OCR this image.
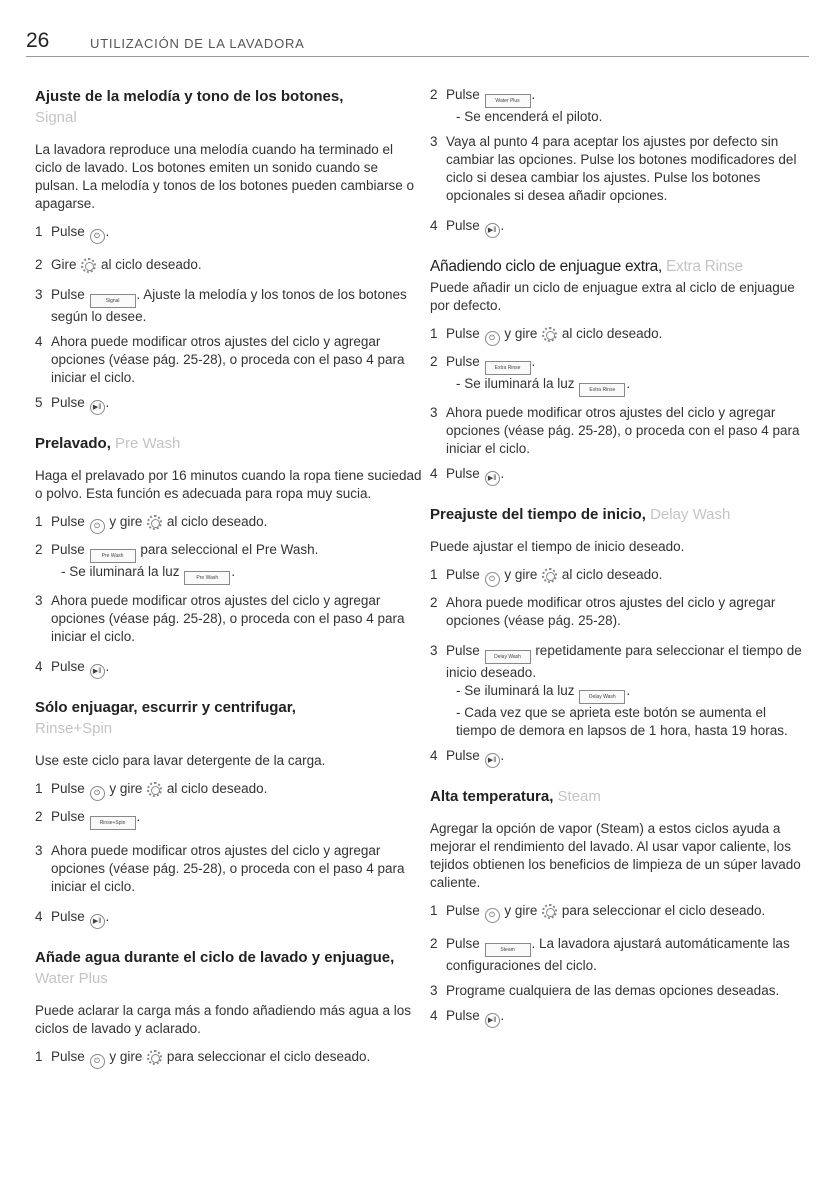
26	UTILIZACIÓN DE LA LAVADORA
Ajuste de la melodía y tono de los botones,
Signal

La lavadora reproduce una melodía cuando ha terminado el ciclo de lavado. Los botones emiten un sonido cuando se pulsan. La melodía y tonos de los botones pueden cambiarse o apagarse.

1 Pulse ⏻ .
2 Gire al ciclo deseado.
3 Pulse	Signal . Ajuste la melodía y los tonos de los botones según lo desee.
4 Ahora puede modificar otros ajustes del ciclo y agregar opciones (véase pág. 25-28), o proceda con el paso 4 para iniciar el ciclo.
5 Pulse ▶‖ .
Prelavado, Pre Wash

Haga el prelavado por 16 minutos cuando la ropa tiene suciedad o polvo. Esta función es adecuada para ropa muy sucia.

1 Pulse ⏻ y gire al ciclo deseado.
2 Pulse	Pre Wash para seleccional el Pre Wash.
- Se iluminará la luz	Pre Wash .
3 Ahora puede modificar otros ajustes del ciclo y agregar opciones (véase pág. 25-28), o proceda con el paso 4 para iniciar el ciclo.
4 Pulse ▶‖ .
Sólo enjuagar, escurrir y centrifugar,
Rinse+Spin

Use este ciclo para lavar detergente de la carga.

1 Pulse ⏻ y gire al ciclo deseado.
2 Pulse	Rinse+Spin .
3 Ahora puede modificar otros ajustes del ciclo y agregar opciones (véase pág. 25-28), o proceda con el paso 4 para iniciar el ciclo.
4 Pulse ▶‖ .
Añade agua durante el ciclo de lavado y enjuague, Water Plus

Puede aclarar la carga más a fondo añadiendo más agua a los ciclos de lavado y aclarado.

1 Pulse ⏻ y gire para seleccionar el ciclo deseado.
2 Pulse	Water Plus .
- Se encenderá el piloto.
3 Vaya al punto 4 para aceptar los ajustes por defecto sin cambiar las opciones. Pulse los botones modificadores del ciclo si desea cambiar los ajustes. Pulse los botones opcionales si desea añadir opciones.
4 Pulse ▶‖ .
Añadiendo ciclo de enjuague extra, Extra Rinse

Puede añadir un ciclo de enjuague extra al ciclo de enjuague por defecto.

1 Pulse ⏻ y gire al ciclo deseado.
2 Pulse	Extra Rinse .
- Se iluminará la luz	Extra Rinse .
3 Ahora puede modificar otros ajustes del ciclo y agregar opciones (véase pág. 25-28), o proceda con el paso 4 para iniciar el ciclo.
4 Pulse ▶‖ .
Preajuste del tiempo de inicio, Delay Wash

Puede ajustar el tiempo de inicio deseado.

1 Pulse ⏻ y gire al ciclo deseado.
2 Ahora puede modificar otros ajustes del ciclo y agregar opciones (véase pág. 25-28).
3 Pulse	Delay Wash repetidamente para seleccionar el tiempo de inicio deseado.
- Se iluminará la luz	Delay Wash .
- Cada vez que se aprieta este botón se aumenta el tiempo de demora en lapsos de 1 hora, hasta 19 horas.
4 Pulse ▶‖ .
Alta temperatura, Steam

Agregar la opción de vapor (Steam) a estos ciclos ayuda a mejorar el rendimiento del lavado. Al usar vapor caliente, los tejidos obtienen los beneficios de limpieza de un súper lavado caliente.

1 Pulse ⏻ y gire para seleccionar el ciclo deseado.
2 Pulse	Steam . La lavadora ajustará automáticamente las configuraciones del ciclo.
3 Programe cualquiera de las demas opciones deseadas.
4 Pulse ▶‖ .
